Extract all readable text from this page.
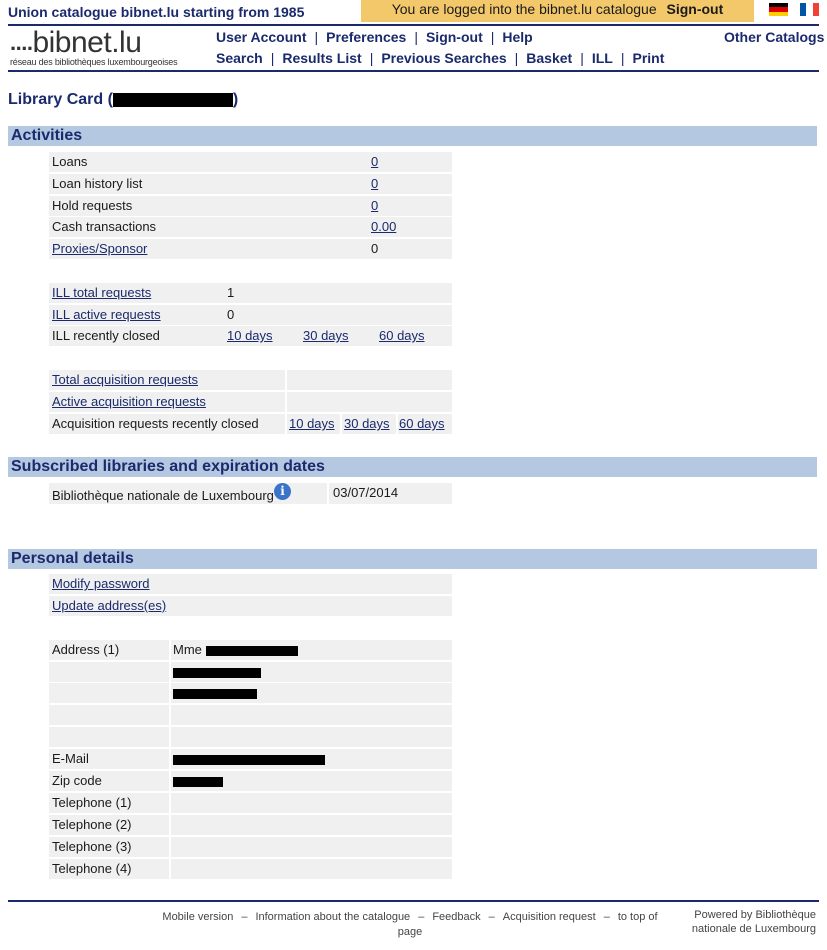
Union catalogue bibnet.lu starting from 1985	You are logged into the bibnet.lu catalogue Sign-out
....bibnet.lu
réseau des bibliothèques luxembourgeoises
User Account | Preferences | Sign-out | Help
Search | Results List | Previous Searches | Basket | ILL | Print
Other Catalogs
Library Card (	)
Activities
Loans	0
Loan history list	0
Hold requests	0
Cash transactions	0.00
Proxies/Sponsor	0
ILL total requests	1
ILL active requests	0
ILL recently closed	10 days 30 days 60 days
Total acquisition requests
Active acquisition requests
Acquisition requests recently closed 10 days 30 days 60 days
Subscribed libraries and expiration dates
Bibliothèque nationale de Luxembourg	03/07/2014
i
Personal details
Modify password
Update address(es)
Address (1)	Mme
E-Mail
Zip code
Telephone (1)
Telephone (2)
Telephone (3)
Telephone (4)
Mobile version – Information about the catalogue – Feedback – Acquisition request – to top of page
Powered by Bibliothèque nationale de Luxembourg
